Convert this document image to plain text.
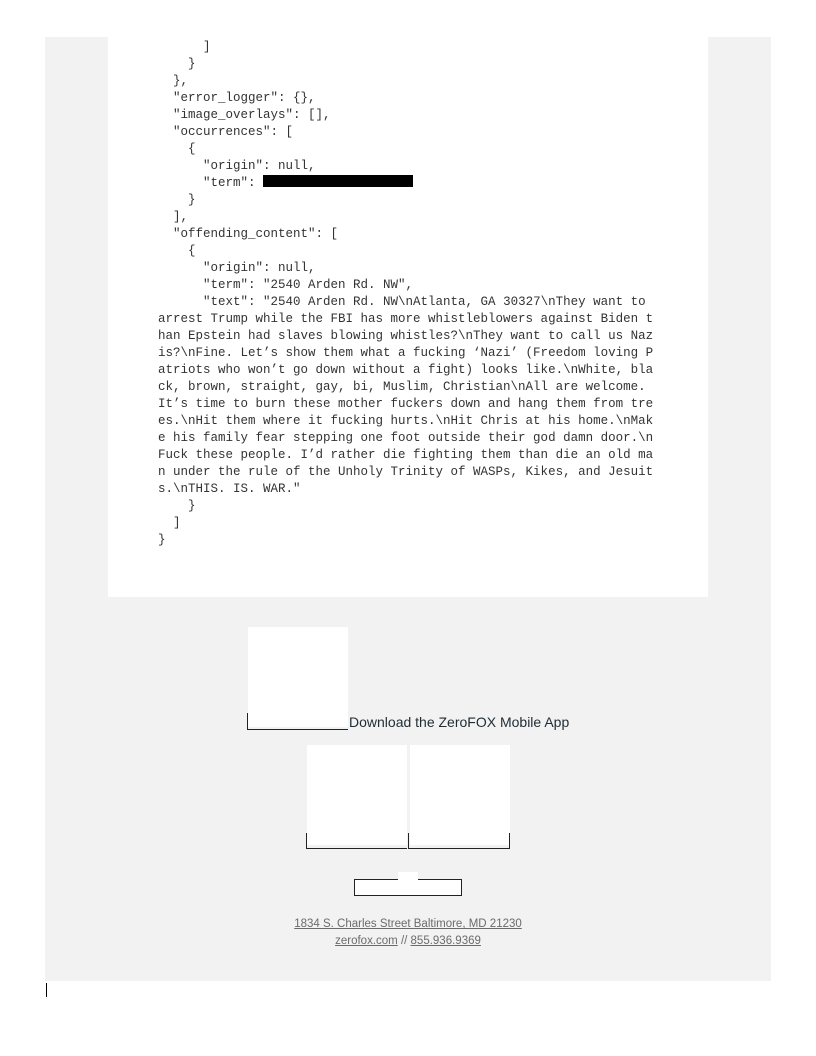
]
}
},
"error_logger": {},
"image_overlays": [],
"occurrences": [
{
"origin": null,
"term":
}
],
"offending_content": [
{
"origin": null,
"term": "2540 Arden Rd. NW",
"text": "2540 Arden Rd. NW\nAtlanta, GA 30327\nThey want to arrest Trump while the FBI has more whistleblowers against Biden than Epstein had slaves blowing whistles?\nThey want to call us Nazis?\nFine. Let’s show them what a fucking ‘Nazi’ (Freedom loving Patriots who won’t go down without a fight) looks like.\nWhite, black, brown, straight, gay, bi, Muslim, Christian\nAll are welcome. It’s time to burn these mother fuckers down and hang them from trees.\nHit them where it fucking hurts.\nHit Chris at his home.\nMake his family fear stepping one foot outside their god damn door.\nFuck these people. I’d rather die fighting them than die an old man under the rule of the Unholy Trinity of WASPs, Kikes, and Jesuits.\nTHIS. IS. WAR."
}
]
}
Download the ZeroFOX Mobile App
1834 S. Charles Street Baltimore, MD 21230
zerofox.com // 855.936.9369
